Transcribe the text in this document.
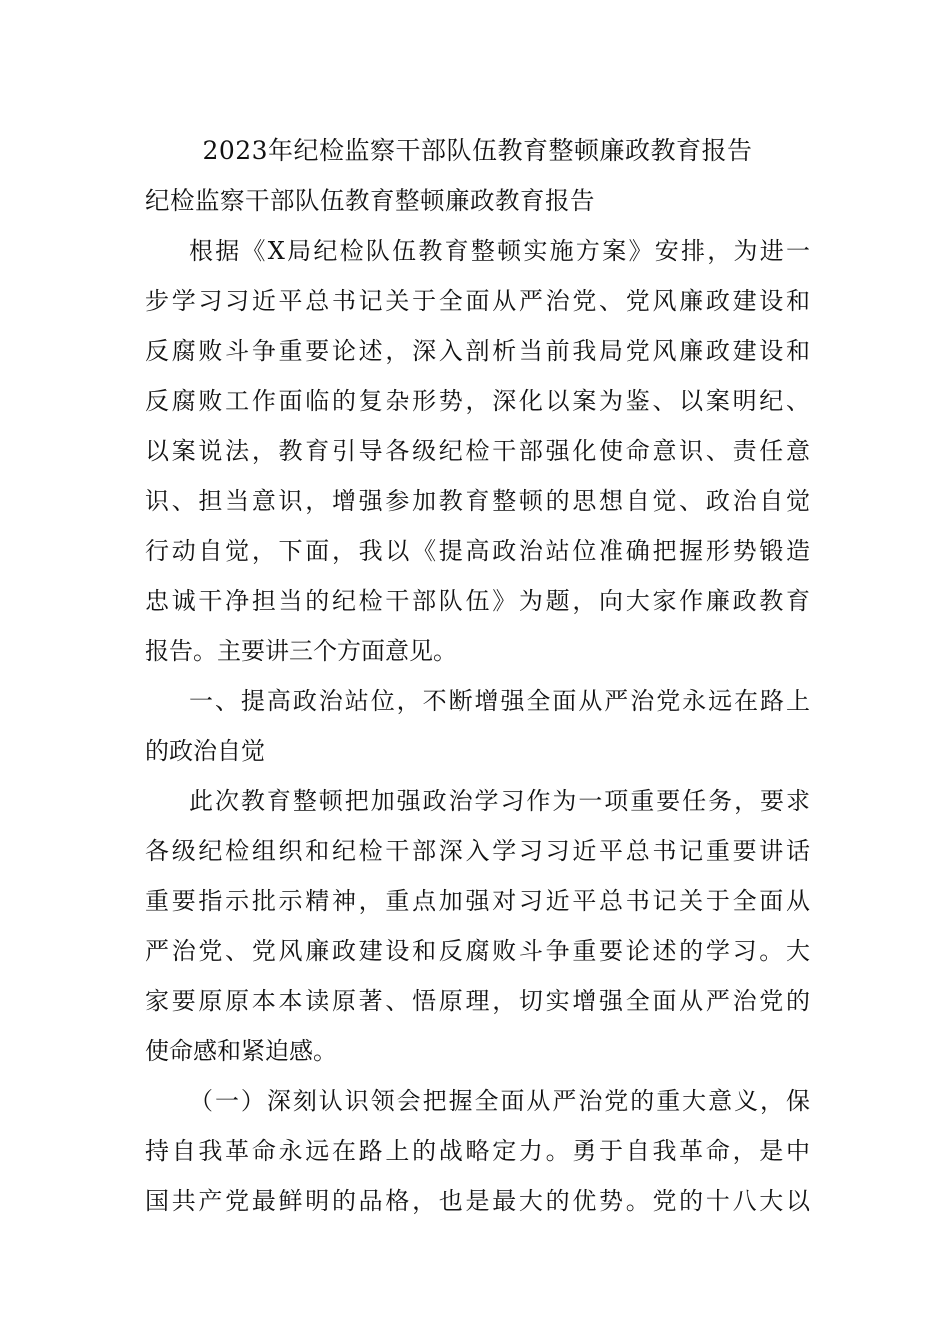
2023年纪检监察干部队伍教育整顿廉政教育报告
纪检监察干部队伍教育整顿廉政教育报告
根据《X局纪检队伍教育整顿实施方案》安排，为进一
步学习习近平总书记关于全面从严治党、党风廉政建设和
反腐败斗争重要论述，深入剖析当前我局党风廉政建设和
反腐败工作面临的复杂形势，深化以案为鉴、以案明纪、
以案说法，教育引导各级纪检干部强化使命意识、责任意
识、担当意识，增强参加教育整顿的思想自觉、政治自觉
行动自觉，下面，我以《提高政治站位准确把握形势锻造
忠诚干净担当的纪检干部队伍》为题，向大家作廉政教育
报告。主要讲三个方面意见。
一、提高政治站位，不断增强全面从严治党永远在路上
的政治自觉
此次教育整顿把加强政治学习作为一项重要任务，要求
各级纪检组织和纪检干部深入学习习近平总书记重要讲话
重要指示批示精神，重点加强对习近平总书记关于全面从
严治党、党风廉政建设和反腐败斗争重要论述的学习。大
家要原原本本读原著、悟原理，切实增强全面从严治党的
使命感和紧迫感。
（一）深刻认识领会把握全面从严治党的重大意义，保
持自我革命永远在路上的战略定力。勇于自我革命，是中
国共产党最鲜明的品格，也是最大的优势。党的十八大以
